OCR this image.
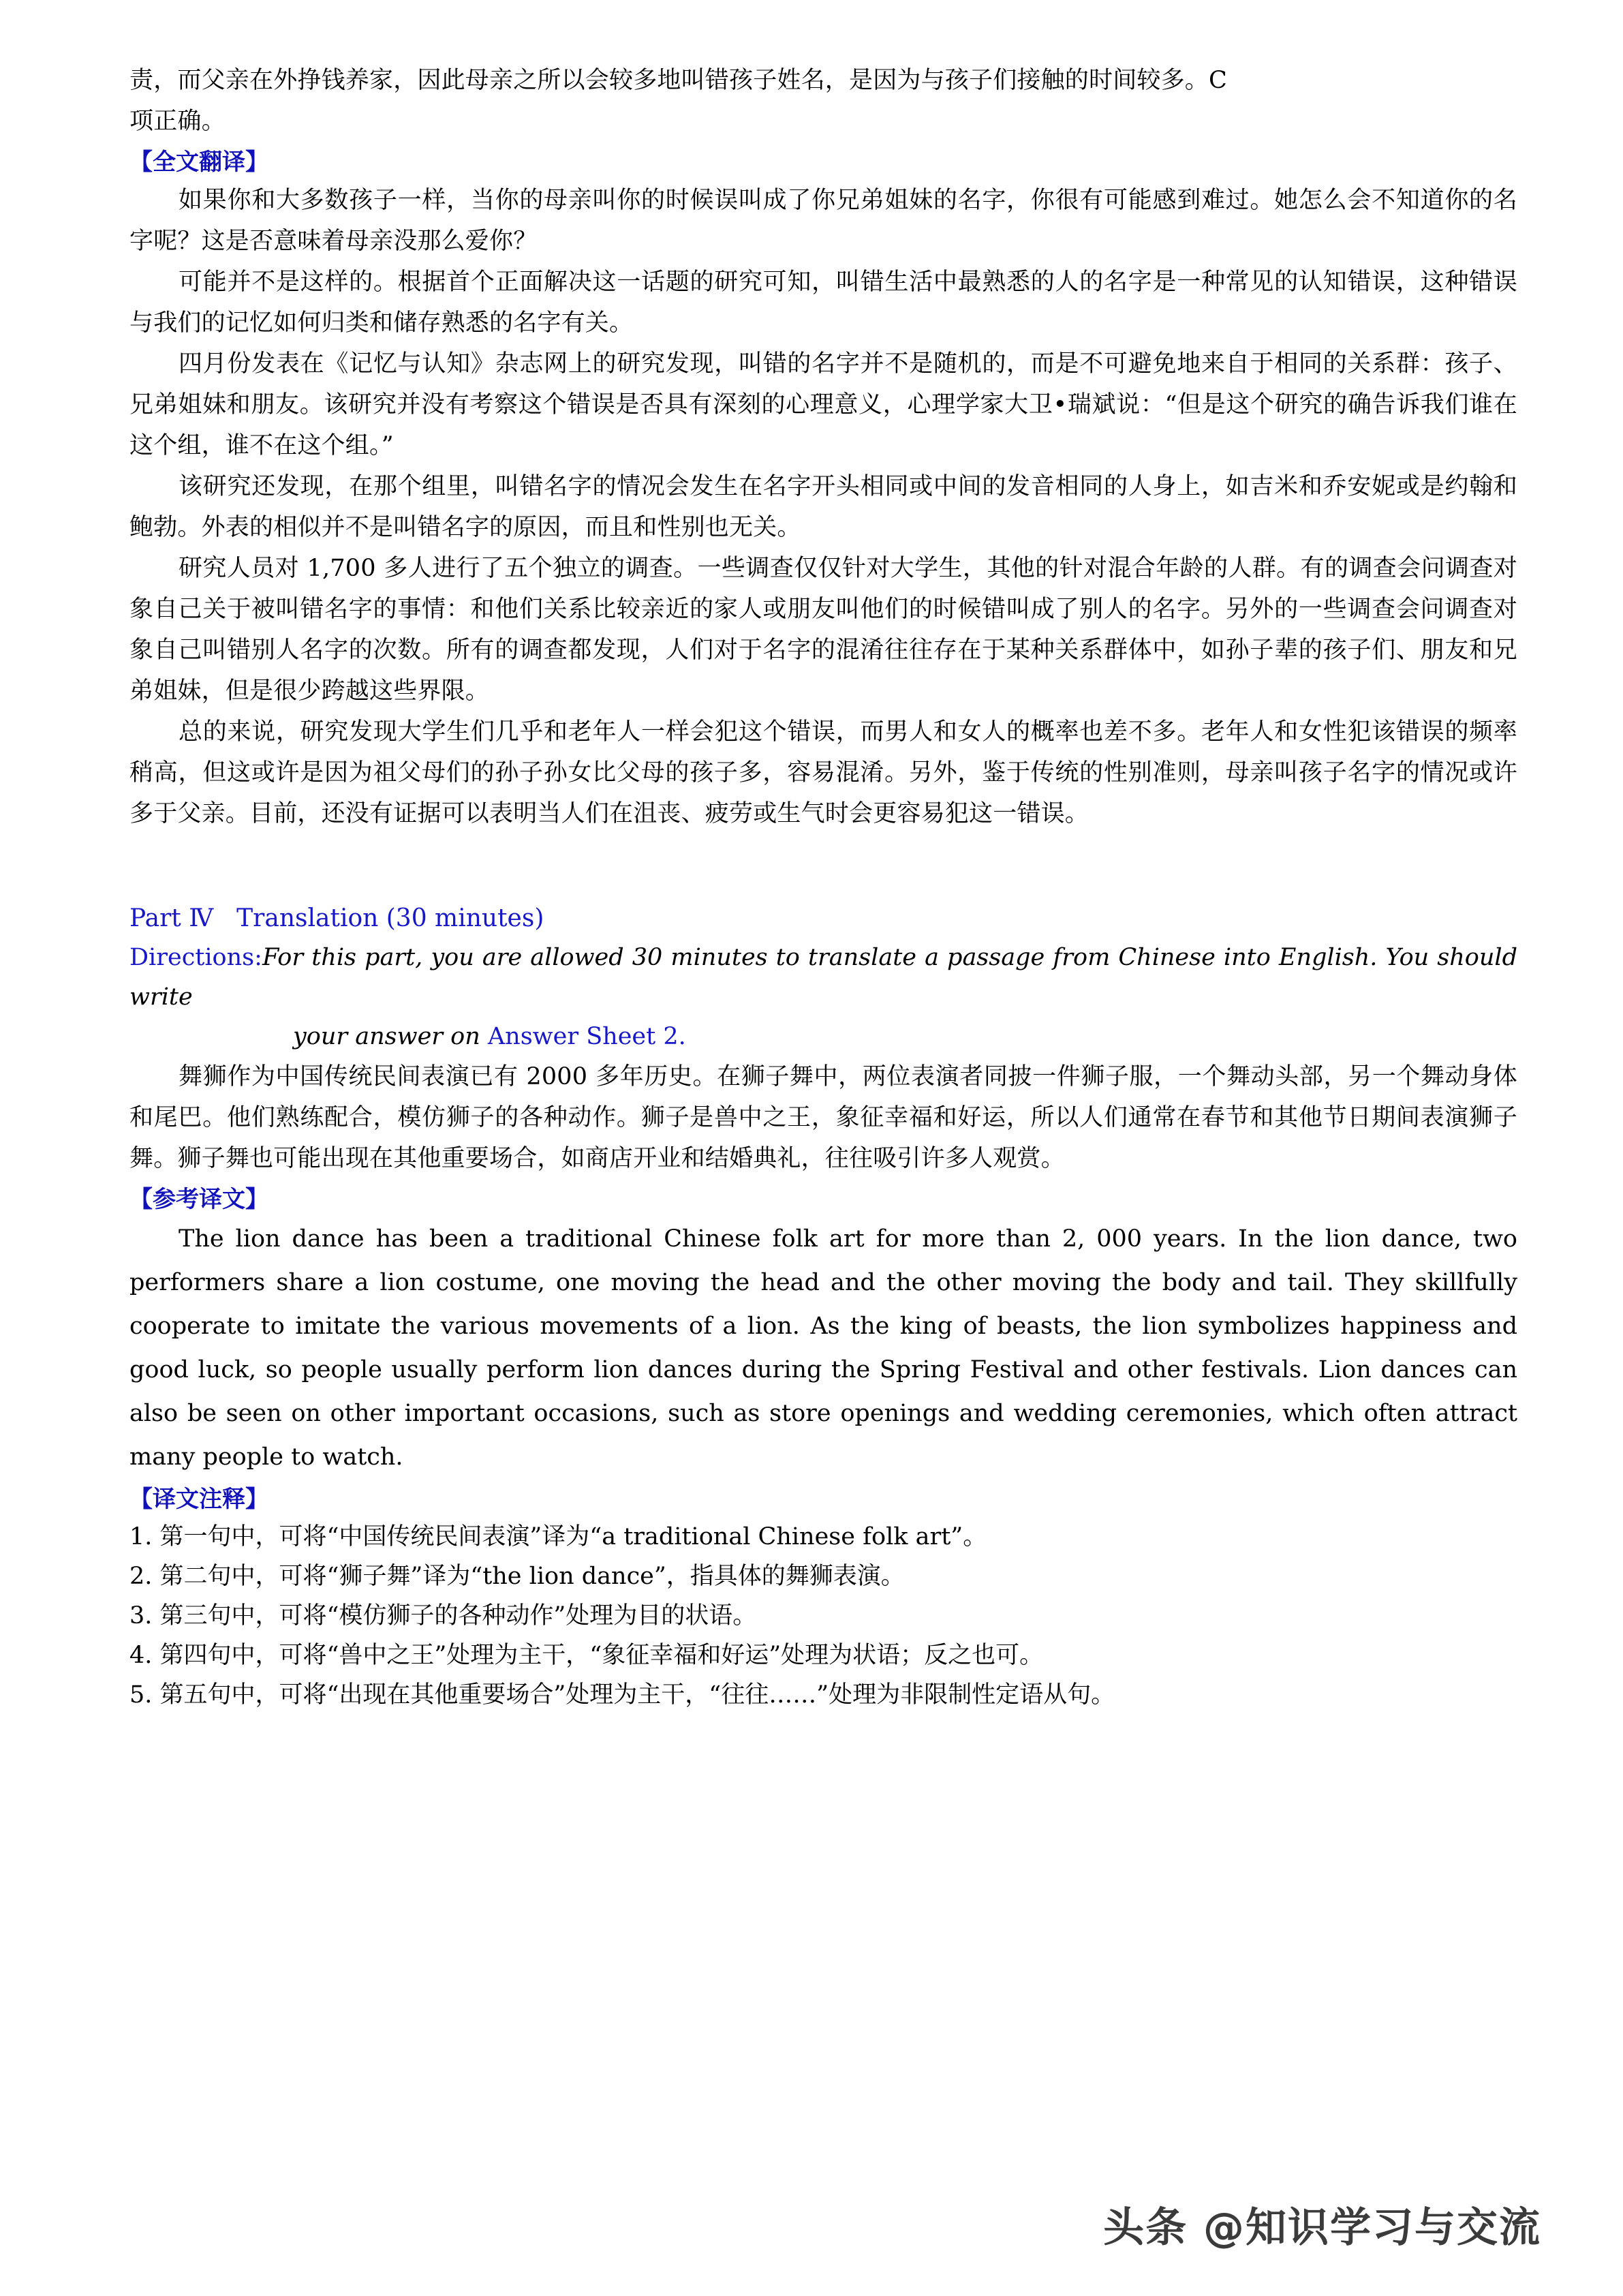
责，而父亲在外挣钱养家，因此母亲之所以会较多地叫错孩子姓名，是因为与孩子们接触的时间较多。C

项正确。

【全文翻译】

如果你和大多数孩子一样，当你的母亲叫你的时候误叫成了你兄弟姐妹的名字，你很有可能感到难过。她怎么会不知道你的名字呢？这是否意味着母亲没那么爱你？

可能并不是这样的。根据首个正面解决这一话题的研究可知，叫错生活中最熟悉的人的名字是一种常见的认知错误，这种错误与我们的记忆如何归类和储存熟悉的名字有关。

四月份发表在《记忆与认知》杂志网上的研究发现，叫错的名字并不是随机的，而是不可避免地来自于相同的关系群：孩子、兄弟姐妹和朋友。该研究并没有考察这个错误是否具有深刻的心理意义，心理学家大卫•瑞斌说：“但是这个研究的确告诉我们谁在这个组，谁不在这个组。”

该研究还发现，在那个组里，叫错名字的情况会发生在名字开头相同或中间的发音相同的人身上，如吉米和乔安妮或是约翰和鲍勃。外表的相似并不是叫错名字的原因，而且和性别也无关。

研究人员对 1,700 多人进行了五个独立的调查。一些调查仅仅针对大学生，其他的针对混合年龄的人群。有的调查会问调查对象自己关于被叫错名字的事情：和他们关系比较亲近的家人或朋友叫他们的时候错叫成了别人的名字。另外的一些调查会问调查对象自己叫错别人名字的次数。所有的调查都发现，人们对于名字的混淆往往存在于某种关系群体中，如孙子辈的孩子们、朋友和兄弟姐妹，但是很少跨越这些界限。

总的来说，研究发现大学生们几乎和老年人一样会犯这个错误，而男人和女人的概率也差不多。老年人和女性犯该错误的频率稍高，但这或许是因为祖父母们的孙子孙女比父母的孩子多，容易混淆。另外，鉴于传统的性别准则，母亲叫孩子名字的情况或许多于父亲。目前，还没有证据可以表明当人们在沮丧、疲劳或生气时会更容易犯这一错误。

Part Ⅳ Translation (30 minutes)

Directions:For this part, you are allowed 30 minutes to translate a passage from Chinese into English. You should write

your answer on Answer Sheet 2.

舞狮作为中国传统民间表演已有 2000 多年历史。在狮子舞中，两位表演者同披一件狮子服，一个舞动头部，另一个舞动身体和尾巴。他们熟练配合，模仿狮子的各种动作。狮子是兽中之王，象征幸福和好运，所以人们通常在春节和其他节日期间表演狮子舞。狮子舞也可能出现在其他重要场合，如商店开业和结婚典礼，往往吸引许多人观赏。

【参考译文】

The lion dance has been a traditional Chinese folk art for more than 2, 000 years. In the lion dance, two performers share a lion costume, one moving the head and the other moving the body and tail. They skillfully cooperate to imitate the various movements of a lion. As the king of beasts, the lion symbolizes happiness and good luck, so people usually perform lion dances during the Spring Festival and other festivals. Lion dances can also be seen on other important occasions, such as store openings and wedding ceremonies, which often attract many people to watch.

【译文注释】
1. 第一句中，可将“中国传统民间表演”译为“a traditional Chinese folk art”。
2. 第二句中，可将“狮子舞”译为“the lion dance”，指具体的舞狮表演。
3. 第三句中，可将“模仿狮子的各种动作”处理为目的状语。
4. 第四句中，可将“兽中之王”处理为主干，“象征幸福和好运”处理为状语；反之也可。
5. 第五句中，可将“出现在其他重要场合”处理为主干，“往往……”处理为非限制性定语从句。
头条 @知识学习与交流
